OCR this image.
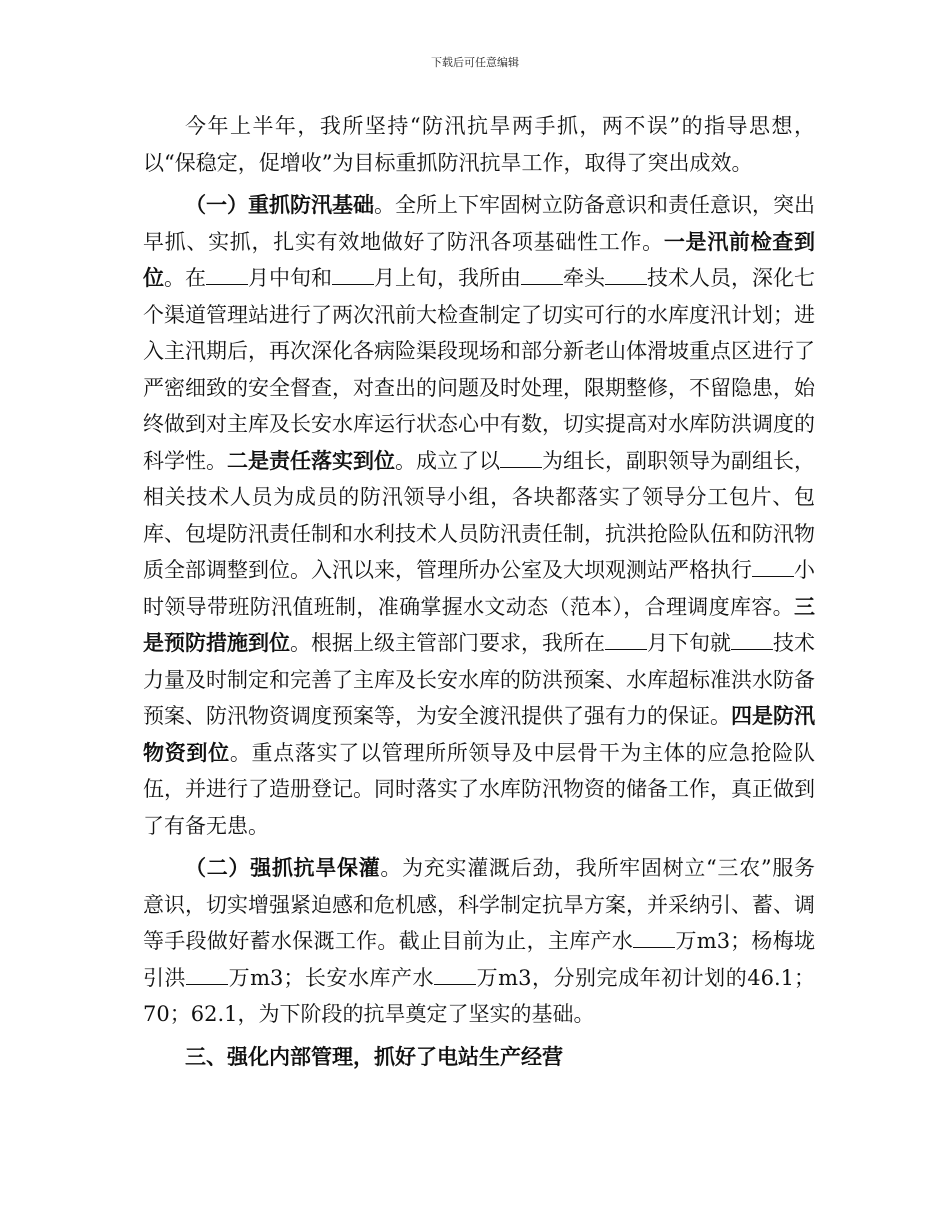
下载后可任意编辑

今年上半年，我所坚持“防汛抗旱两手抓，两不误”的指导思想，以“保稳定，促增收”为目标重抓防汛抗旱工作，取得了突出成效。

（一）重抓防汛基础。全所上下牢固树立防备意识和责任意识，突出早抓、实抓，扎实有效地做好了防汛各项基础性工作。一是汛前检查到位。在 月中旬和 月上旬，我所由 牵头 技术人员，深化七个渠道管理站进行了两次汛前大检查制定了切实可行的水库度汛计划；进入主汛期后，再次深化各病险渠段现场和部分新老山体滑坡重点区进行了严密细致的安全督查，对查出的问题及时处理，限期整修，不留隐患，始终做到对主库及长安水库运行状态心中有数，切实提高对水库防洪调度的科学性。二是责任落实到位。成立了以 为组长，副职领导为副组长，相关技术人员为成员的防汛领导小组，各块都落实了领导分工包片、包库、包堤防汛责任制和水利技术人员防汛责任制，抗洪抢险队伍和防汛物质全部调整到位。入汛以来，管理所办公室及大坝观测站严格执行 小时领导带班防汛值班制，准确掌握水文动态（范本），合理调度库容。三是预防措施到位。根据上级主管部门要求，我所在 月下旬就 技术力量及时制定和完善了主库及长安水库的防洪预案、水库超标准洪水防备预案、防汛物资调度预案等，为安全渡汛提供了强有力的保证。四是防汛物资到位。重点落实了以管理所所领导及中层骨干为主体的应急抢险队伍，并进行了造册登记。同时落实了水库防汛物资的储备工作，真正做到了有备无患。

（二）强抓抗旱保灌。为充实灌溉后劲，我所牢固树立“三农”服务意识，切实增强紧迫感和危机感，科学制定抗旱方案，并采纳引、蓄、调等手段做好蓄水保溉工作。截止目前为止，主库产水 万m3；杨梅垅引洪 万m3；长安水库产水 万m3，分别完成年初计划的46.1；70；62.1，为下阶段的抗旱奠定了坚实的基础。

三、强化内部管理，抓好了电站生产经营
